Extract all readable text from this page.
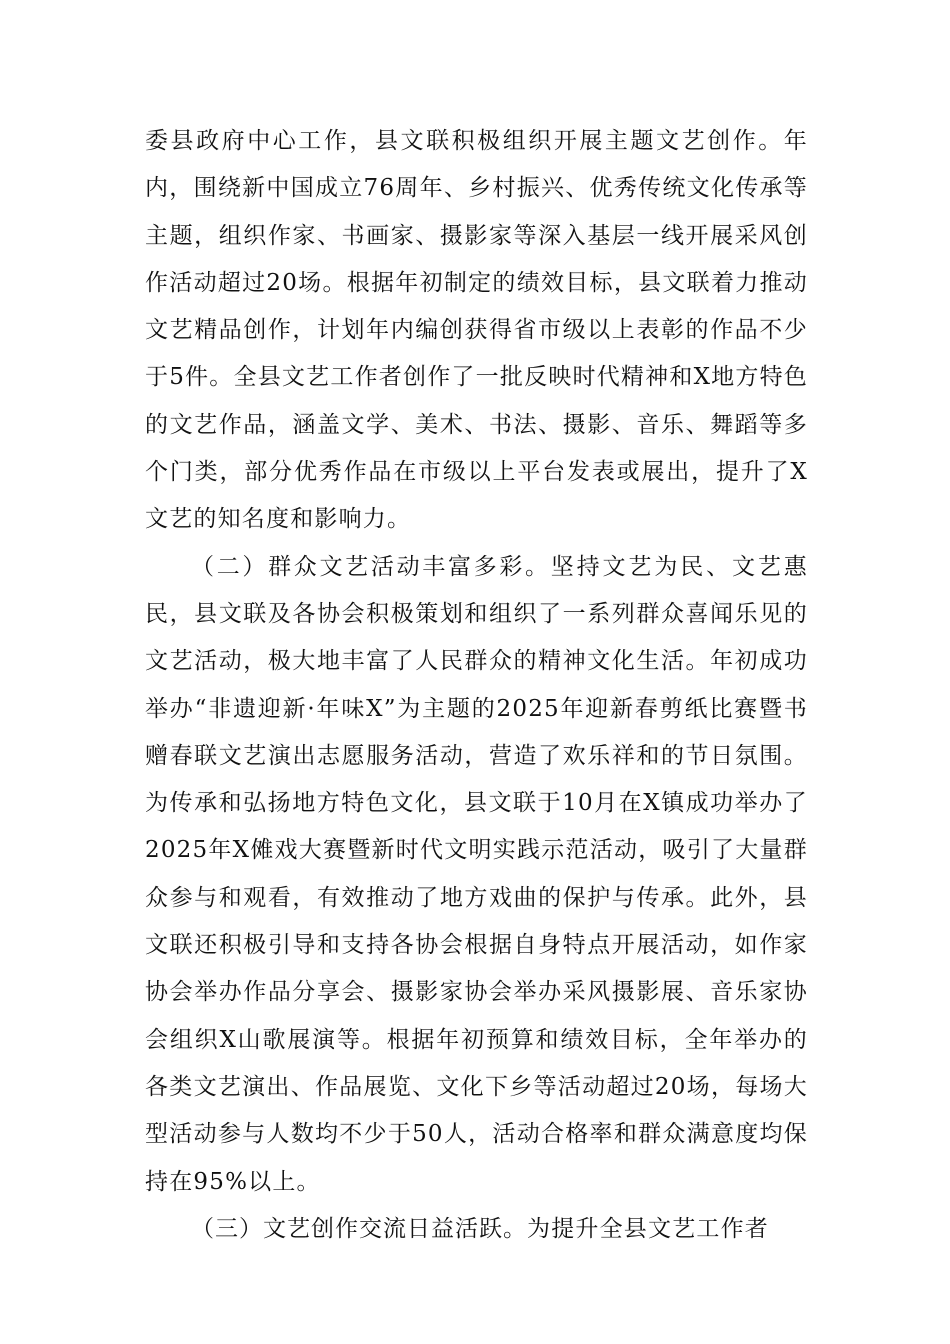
委县政府中心工作，县文联积极组织开展主题文艺创作。年内，围绕新中国成立76周年、乡村振兴、优秀传统文化传承等主题，组织作家、书画家、摄影家等深入基层一线开展采风创作活动超过20场。根据年初制定的绩效目标，县文联着力推动文艺精品创作，计划年内编创获得省市级以上表彰的作品不少于5件。全县文艺工作者创作了一批反映时代精神和X地方特色的文艺作品，涵盖文学、美术、书法、摄影、音乐、舞蹈等多个门类，部分优秀作品在市级以上平台发表或展出，提升了X文艺的知名度和影响力。

（二）群众文艺活动丰富多彩。坚持文艺为民、文艺惠民，县文联及各协会积极策划和组织了一系列群众喜闻乐见的文艺活动，极大地丰富了人民群众的精神文化生活。年初成功举办“非遗迎新·年味X”为主题的2025年迎新春剪纸比赛暨书赠春联文艺演出志愿服务活动，营造了欢乐祥和的节日氛围。为传承和弘扬地方特色文化，县文联于10月在X镇成功举办了2025年X傩戏大赛暨新时代文明实践示范活动，吸引了大量群众参与和观看，有效推动了地方戏曲的保护与传承。此外，县文联还积极引导和支持各协会根据自身特点开展活动，如作家协会举办作品分享会、摄影家协会举办采风摄影展、音乐家协会组织X山歌展演等。根据年初预算和绩效目标，全年举办的各类文艺演出、作品展览、文化下乡等活动超过20场，每场大型活动参与人数均不少于50人，活动合格率和群众满意度均保持在95%以上。

（三）文艺创作交流日益活跃。为提升全县文艺工作者
